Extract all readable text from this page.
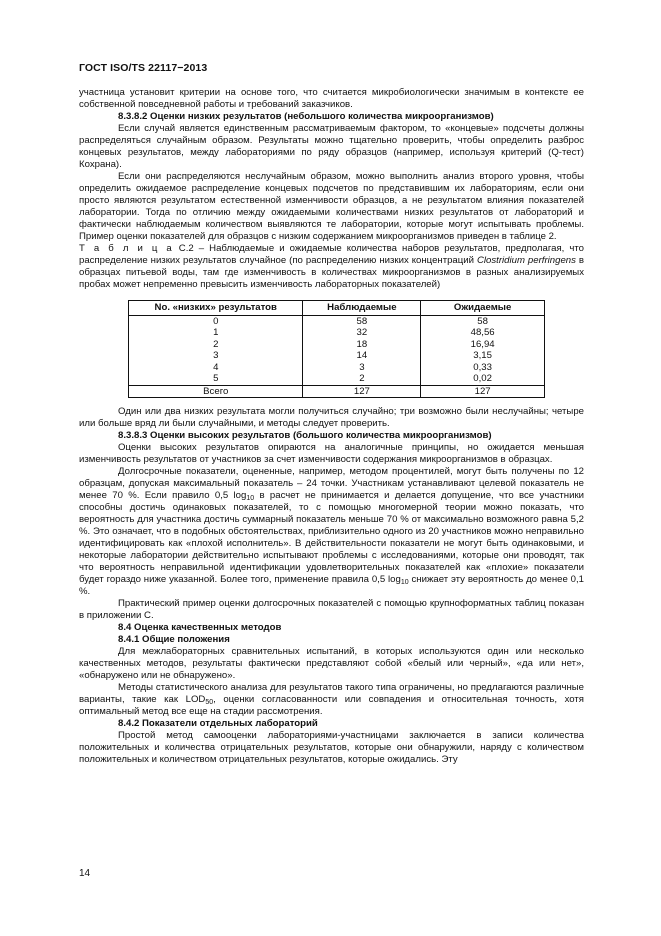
ГОСТ ISO/TS 22117−2013

участница установит критерии на основе того, что считается микробиологически значимым в контексте ее собственной повседневной работы и требований заказчиков.

8.3.8.2 Оценки низких результатов (небольшого количества микроорганизмов)

Если случай является единственным рассматриваемым фактором, то «концевые» подсчеты должны распределяться случайным образом. Результаты можно тщательно проверить, чтобы определить разброс концевых результатов, между лабораториями по ряду образцов (например, используя критерий (Q-тест) Кохрана).

Если они распределяются неслучайным образом, можно выполнить анализ второго уровня, чтобы определить ожидаемое распределение концевых подсчетов по представившим их лабораториям, если они просто являются результатом естественной изменчивости образцов, а не результатом влияния показателей лаборатории. Тогда по отличию между ожидаемыми количествами низких результатов от лабораторий и фактически наблюдаемым количеством выявляются те лаборатории, которые могут испытывать проблемы. Пример оценки показателей для образцов с низким содержанием микроорганизмов приведен в таблице 2.

Т а б л и ц а С.2 – Наблюдаемые и ожидаемые количества наборов результатов, предполагая, что распределение низких результатов случайное (по распределению низких концентраций Clostridium perfringens в образцах питьевой воды, там где изменчивость в количествах микроорганизмов в разных анализируемых пробах может непременно превысить изменчивость лабораторных показателей)

No. «низких» результатов	Наблюдаемые	Ожидаемые
0	58	58
1	32	48,56
2	18	16,94
3	14	3,15
4	3	0,33
5	2	0,02
Всего	127	127

Один или два низких результата могли получиться случайно; три возможно были неслучайны; четыре или больше вряд ли были случайными, и методы следует проверить.

8.3.8.3 Оценки высоких результатов (большого количества микроорганизмов)

Оценки высоких результатов опираются на аналогичные принципы, но ожидается меньшая изменчивость результатов от участников за счет изменчивости содержания микроорганизмов в образцах.

Долгосрочные показатели, оцененные, например, методом процентилей, могут быть получены по 12 образцам, допуская максимальный показатель – 24 точки. Участникам устанавливают целевой показатель не менее 70 %. Если правило 0,5 $\log_{10} в$ расчет не принимается и делается допущение, что все участники способны достичь одинаковых показателей, то с помощью многомерной теории можно показать, что вероятность для участника достичь суммарный показатель меньше 70 % от максимально возможного равна 5,2 %. Это означает, что в подобных обстоятельствах, приблизительно одного из 20 участников можно неправильно идентифицировать как «плохой исполнитель». В действительности показатели не могут быть одинаковыми, и некоторые лаборатории действительно испытывают проблемы с исследованиями, которые они проводят, так что вероятность неправильной идентификации удовлетворительных показателей как «плохие» показатели будет гораздо ниже указанной. Более того, применение правила 0,5 $\log_{10}$ снижает эту вероятность до менее 0,1 %.

Практический пример оценки долгосрочных показателей с помощью крупноформатных таблиц показан в приложении С.

8.4 Оценка качественных методов

8.4.1 Общие положения

Для межлабораторных сравнительных испытаний, в которых используются один или несколько качественных методов, результаты фактически представляют собой «белый или черный», «да или нет», «обнаружено или не обнаружено».

Методы статистического анализа для результатов такого типа ограничены, но предлагаются различные варианты, такие как $LOD_{50}$, оценки согласованности или совпадения и относительная точность, хотя оптимальный метод все еще на стадии рассмотрения.

8.4.2 Показатели отдельных лабораторий

Простой метод самооценки лабораториями-участницами заключается в записи количества положительных и количества отрицательных результатов, которые они обнаружили, наряду с количеством положительных и количеством отрицательных результатов, которые ожидались. Эту

14
